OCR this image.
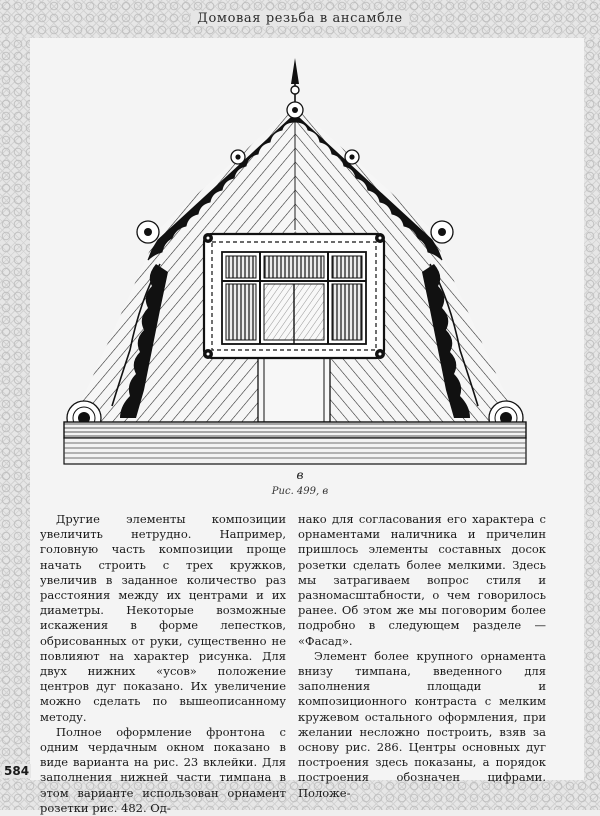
Домовая резьба в ансамбле
в
Рис. 499, в

Другие элементы композиции увеличить нетрудно. Например, головную часть композиции проще начать строить с трех кружков, увеличив в заданное количество раз расстояния между их центрами и их диаметры. Некоторые возможные искажения в форме лепестков, обрисованных от руки, существенно не повлияют на характер рисунка. Для двух нижних «усов» положение центров дуг показано. Их увеличение можно сделать по вышеописанному методу.

Полное оформление фронтона с одним чердачным окном показано в виде варианта на рис. 23 вклейки. Для заполнения нижней части тимпана в этом варианте использован орнамент розетки рис. 482. Од-

нако для согласования его характера с орнаментами наличника и причелин пришлось элементы составных досок розетки сделать более мелкими. Здесь мы затрагиваем вопрос стиля и разномасштабности, о чем говорилось ранее. Об этом же мы поговорим более подробно в следующем разделе — «Фасад».

Элемент более крупного орнамента внизу тимпана, введенного для заполнения площади и композиционного контраста с мелким кружевом остального оформления, при желании несложно построить, взяв за основу рис. 286. Центры основных дуг построения здесь показаны, а порядок построения обозначен цифрами. Положе-

584
